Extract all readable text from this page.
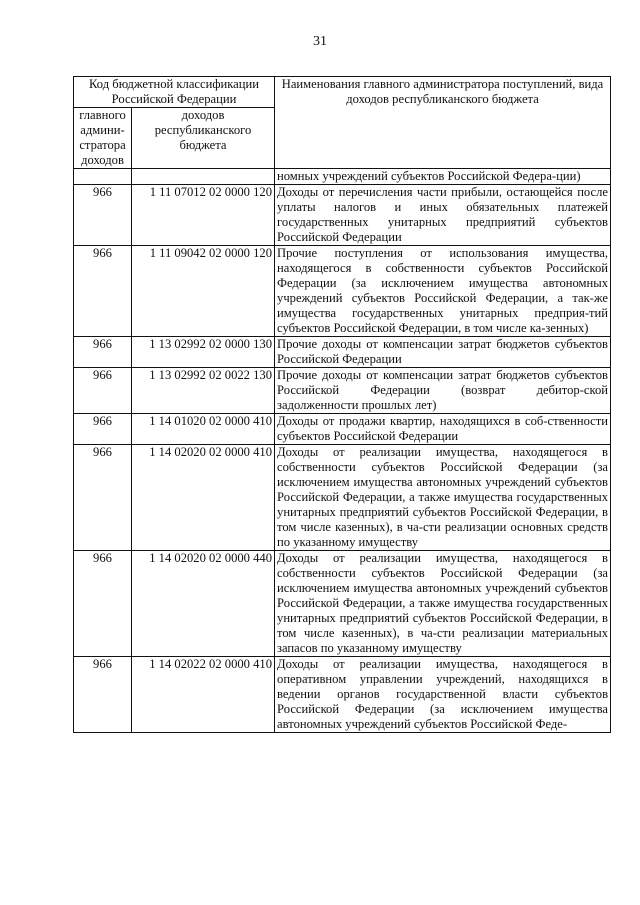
31
Код бюджетной классификации Российской Федерации		Наименования главного администратора поступлений, вида доходов республиканского бюджета
главного админи-стратора доходов	доходов республиканского бюджета	
		номных учреждений субъектов Российской Федера-ции)
966	1 11 07012 02 0000 120	Доходы от перечисления части прибыли, остающейся после уплаты налогов и иных обязательных платежей государственных унитарных предприятий субъектов Российской Федерации
966	1 11 09042 02 0000 120	Прочие поступления от использования имущества, находящегося в собственности субъектов Российской Федерации (за исключением имущества автономных учреждений субъектов Российской Федерации, а так-же имущества государственных унитарных предприя-тий субъектов Российской Федерации, в том числе ка-зенных)
966	1 13 02992 02 0000 130	Прочие доходы от компенсации затрат бюджетов субъектов Российской Федерации
966	1 13 02992 02 0022 130	Прочие доходы от компенсации затрат бюджетов субъектов Российской Федерации (возврат дебитор-ской задолженности прошлых лет)
966	1 14 01020 02 0000 410	Доходы от продажи квартир, находящихся в соб-ственности субъектов Российской Федерации
966	1 14 02020 02 0000 410	Доходы от реализации имущества, находящегося в собственности субъектов Российской Федерации (за исключением имущества автономных учреждений субъектов Российской Федерации, а также имущества государственных унитарных предприятий субъектов Российской Федерации, в том числе казенных), в ча-сти реализации основных средств по указанному имуществу
966	1 14 02020 02 0000 440	Доходы от реализации имущества, находящегося в собственности субъектов Российской Федерации (за исключением имущества автономных учреждений субъектов Российской Федерации, а также имущества государственных унитарных предприятий субъектов Российской Федерации, в том числе казенных), в ча-сти реализации материальных запасов по указанному имуществу
966	1 14 02022 02 0000 410	Доходы от реализации имущества, находящегося в оперативном управлении учреждений, находящихся в ведении органов государственной власти субъектов Российской Федерации (за исключением имущества автономных учреждений субъектов Российской Феде-
